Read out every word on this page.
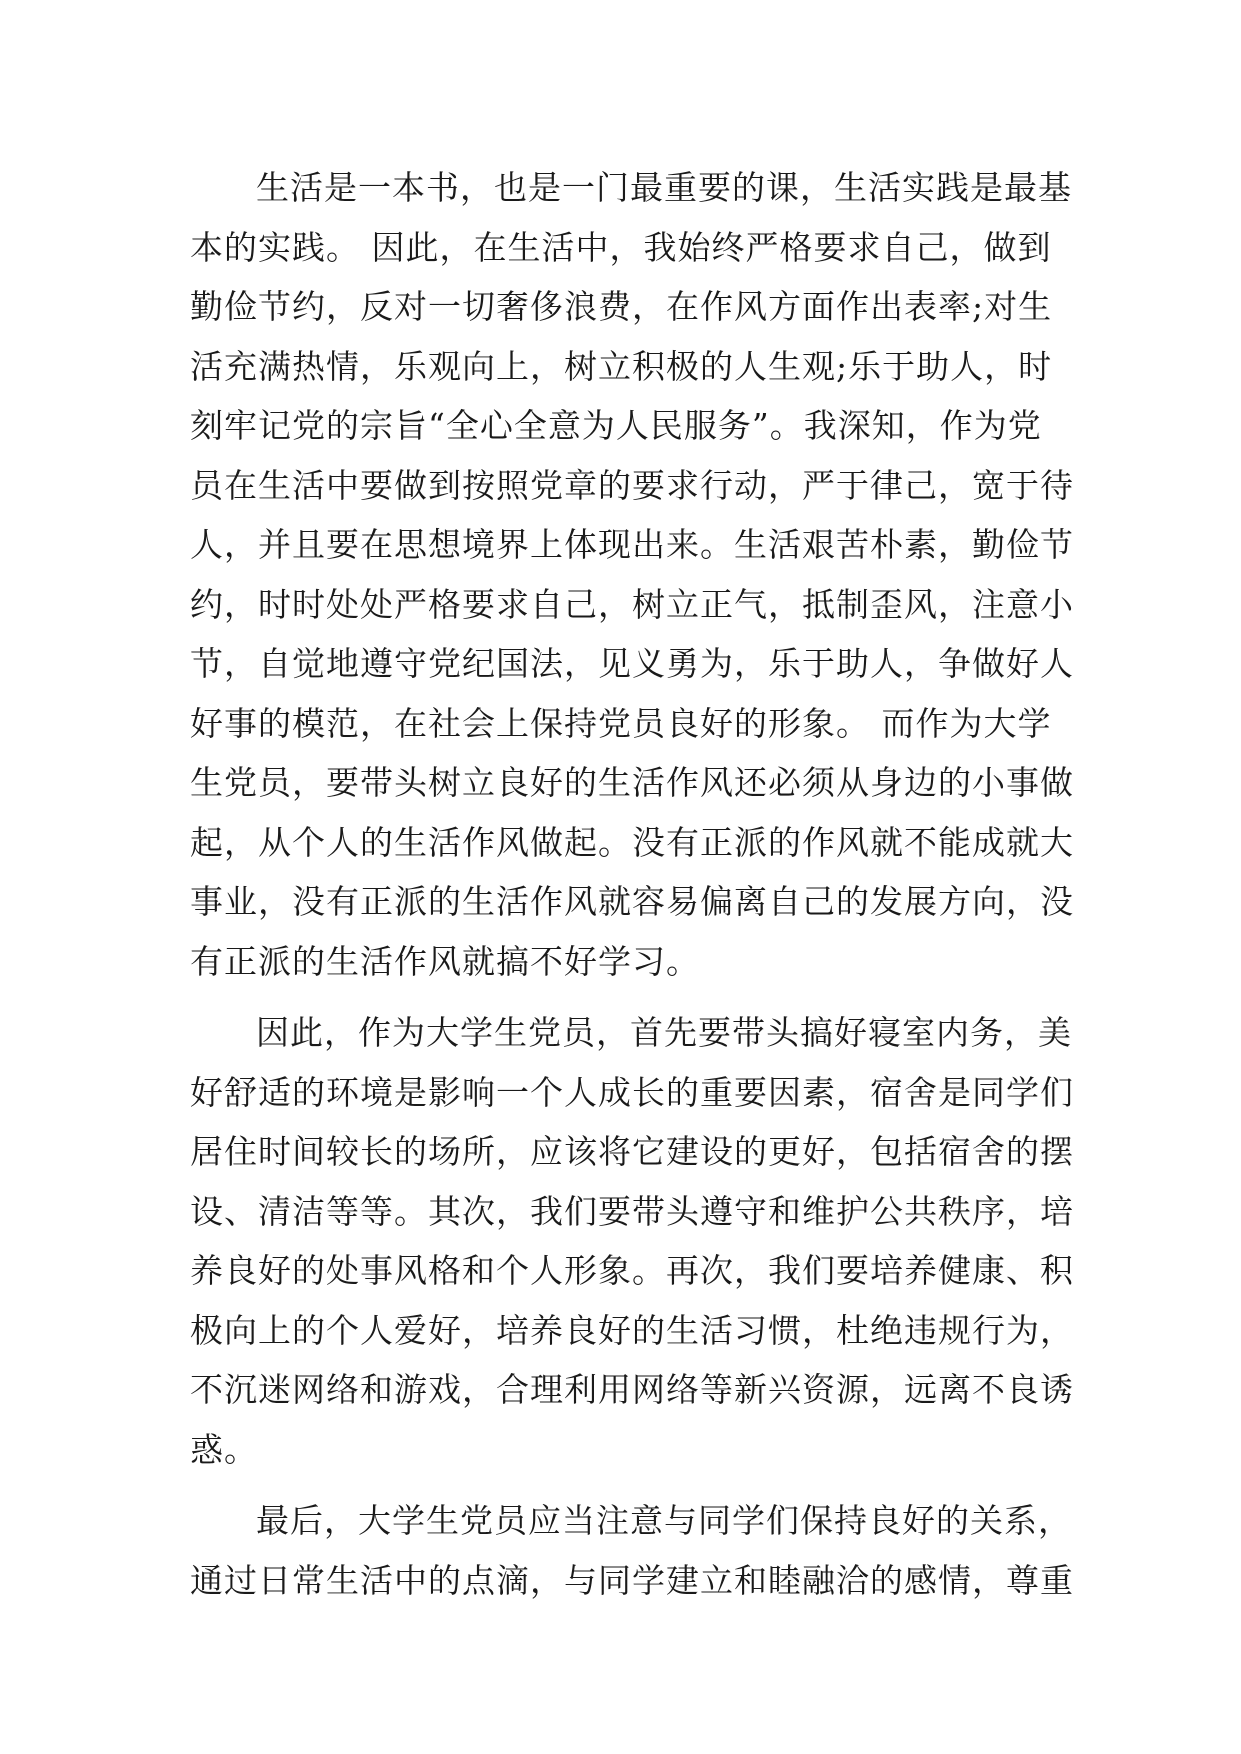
生活是一本书，也是一门最重要的课，生活实践是最基
本的实践。 因此，在生活中，我始终严格要求自己，做到
勤俭节约，反对一切奢侈浪费，在作风方面作出表率;对生
活充满热情，乐观向上，树立积极的人生观;乐于助人，时
刻牢记党的宗旨“全心全意为人民服务”。我深知，作为党
员在生活中要做到按照党章的要求行动，严于律己，宽于待
人，并且要在思想境界上体现出来。生活艰苦朴素，勤俭节
约，时时处处严格要求自己，树立正气，抵制歪风，注意小
节，自觉地遵守党纪国法，见义勇为，乐于助人，争做好人
好事的模范，在社会上保持党员良好的形象。 而作为大学
生党员，要带头树立良好的生活作风还必须从身边的小事做
起，从个人的生活作风做起。没有正派的作风就不能成就大
事业，没有正派的生活作风就容易偏离自己的发展方向，没
有正派的生活作风就搞不好学习。
因此，作为大学生党员，首先要带头搞好寝室内务，美
好舒适的环境是影响一个人成长的重要因素，宿舍是同学们
居住时间较长的场所，应该将它建设的更好，包括宿舍的摆
设、清洁等等。其次，我们要带头遵守和维护公共秩序，培
养良好的处事风格和个人形象。再次，我们要培养健康、积
极向上的个人爱好，培养良好的生活习惯，杜绝违规行为，
不沉迷网络和游戏，合理利用网络等新兴资源，远离不良诱
惑。
最后，大学生党员应当注意与同学们保持良好的关系，
通过日常生活中的点滴，与同学建立和睦融洽的感情，尊重
